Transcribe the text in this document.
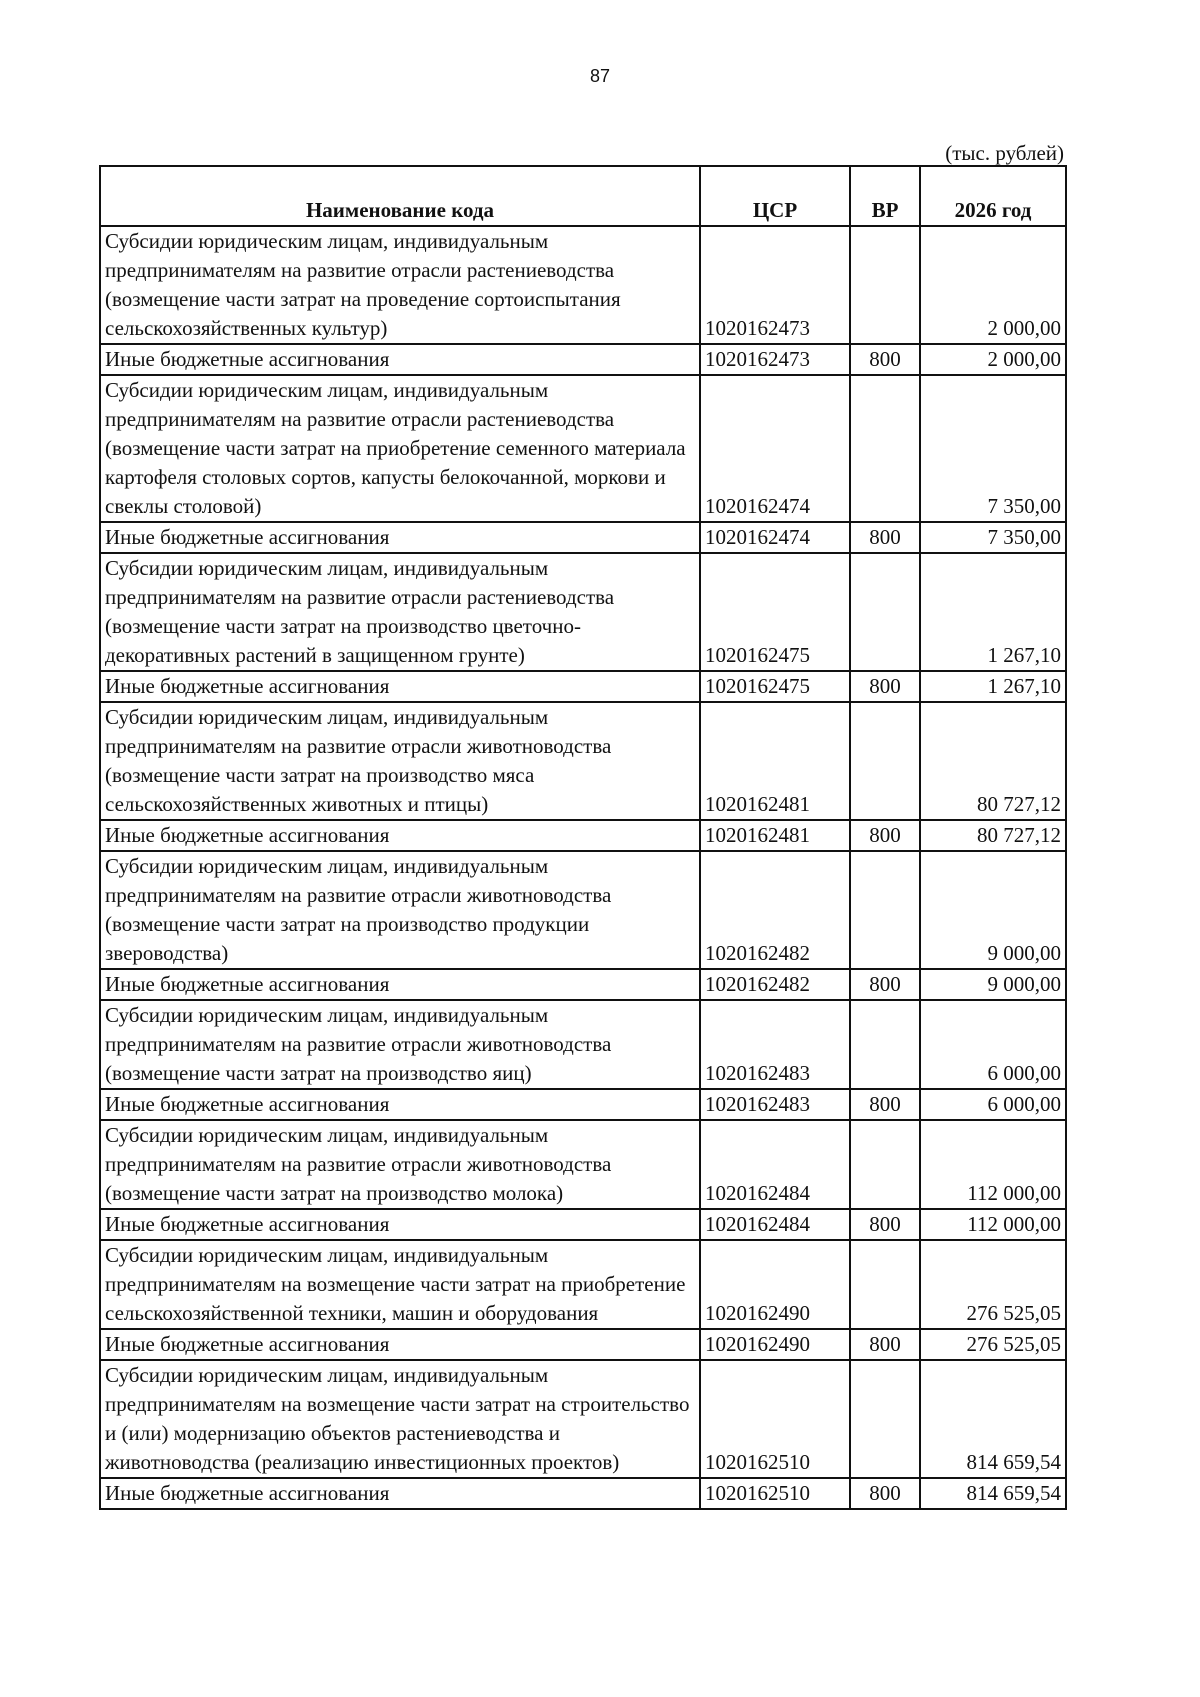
87
(тыс. рублей)
Наименование кода	ЦСР	ВР	2026 год
Субсидии юридическим лицам, индивидуальным предпринимателям на развитие отрасли растениеводства (возмещение части затрат на проведение сортоиспытания сельскохозяйственных культур)	1020162473		2 000,00
Иные бюджетные ассигнования	1020162473	800	2 000,00
Субсидии юридическим лицам, индивидуальным предпринимателям на развитие отрасли растениеводства (возмещение части затрат на приобретение семенного материала картофеля столовых сортов, капусты белокочанной, моркови и свеклы столовой)	1020162474		7 350,00
Иные бюджетные ассигнования	1020162474	800	7 350,00
Субсидии юридическим лицам, индивидуальным предпринимателям на развитие отрасли растениеводства (возмещение части затрат на производство цветочно-декоративных растений в защищенном грунте)	1020162475		1 267,10
Иные бюджетные ассигнования	1020162475	800	1 267,10
Субсидии юридическим лицам, индивидуальным предпринимателям на развитие отрасли животноводства (возмещение части затрат на производство мяса сельскохозяйственных животных и птицы)	1020162481		80 727,12
Иные бюджетные ассигнования	1020162481	800	80 727,12
Субсидии юридическим лицам, индивидуальным предпринимателям на развитие отрасли животноводства (возмещение части затрат на производство продукции звероводства)	1020162482		9 000,00
Иные бюджетные ассигнования	1020162482	800	9 000,00
Субсидии юридическим лицам, индивидуальным предпринимателям на развитие отрасли животноводства (возмещение части затрат на производство яиц)	1020162483		6 000,00
Иные бюджетные ассигнования	1020162483	800	6 000,00
Субсидии юридическим лицам, индивидуальным предпринимателям на развитие отрасли животноводства (возмещение части затрат на производство молока)	1020162484		112 000,00
Иные бюджетные ассигнования	1020162484	800	112 000,00
Субсидии юридическим лицам, индивидуальным предпринимателям на возмещение части затрат на приобретение сельскохозяйственной техники, машин и оборудования	1020162490		276 525,05
Иные бюджетные ассигнования	1020162490	800	276 525,05
Субсидии юридическим лицам, индивидуальным предпринимателям на возмещение части затрат на строительство и (или) модернизацию объектов растениеводства и животноводства (реализацию инвестиционных проектов)	1020162510		814 659,54
Иные бюджетные ассигнования	1020162510	800	814 659,54
